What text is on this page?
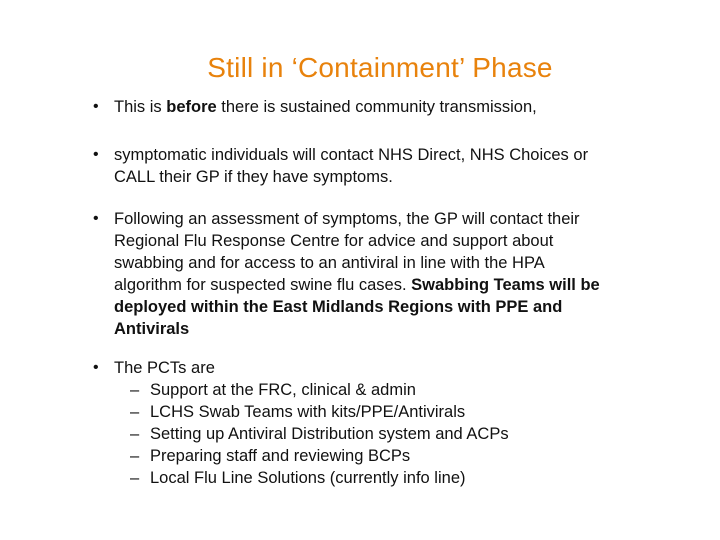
Still in ‘Containment’ Phase
• This is before there is sustained community transmission,
• symptomatic individuals will contact NHS Direct, NHS Choices or
CALL their GP if they have symptoms.
• Following an assessment of symptoms, the GP will contact their
Regional Flu Response Centre for advice and support about
swabbing and for access to an antiviral in line with the HPA
algorithm for suspected swine flu cases. Swabbing Teams will be
deployed within the East Midlands Regions with PPE and
Antivirals
• The PCTs are
– Support at the FRC, clinical & admin
– LCHS Swab Teams with kits/PPE/Antivirals
– Setting up Antiviral Distribution system and ACPs
– Preparing staff and reviewing BCPs
– Local Flu Line Solutions (currently info line)
